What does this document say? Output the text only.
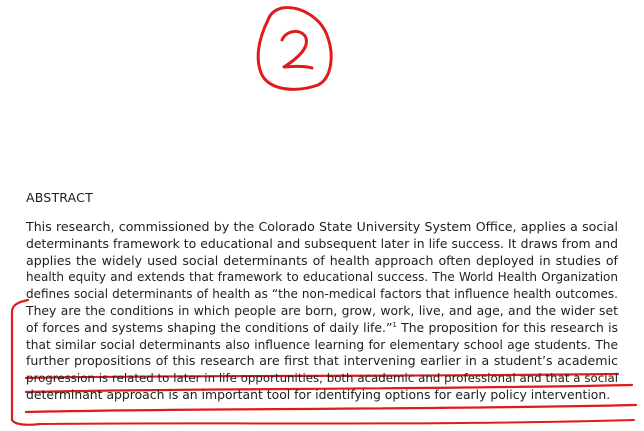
ABSTRACT
This research, commissioned by the Colorado State University System Office, applies a social
determinants framework to educational and subsequent later in life success. It draws from and
applies the widely used social determinants of health approach often deployed in studies of
health equity and extends that framework to educational success. The World Health Organization
defines social determinants of health as “the non-medical factors that influence health outcomes.
They are the conditions in which people are born, grow, work, live, and age, and the wider set
of forces and systems shaping the conditions of daily life.”$^1$ The proposition for this research is
that similar social determinants also influence learning for elementary school age students. The
further propositions of this research are first that intervening earlier in a student’s academic
progression is related to later in life opportunities, both academic and professional and that a social
determinant approach is an important tool for identifying options for early policy intervention.
